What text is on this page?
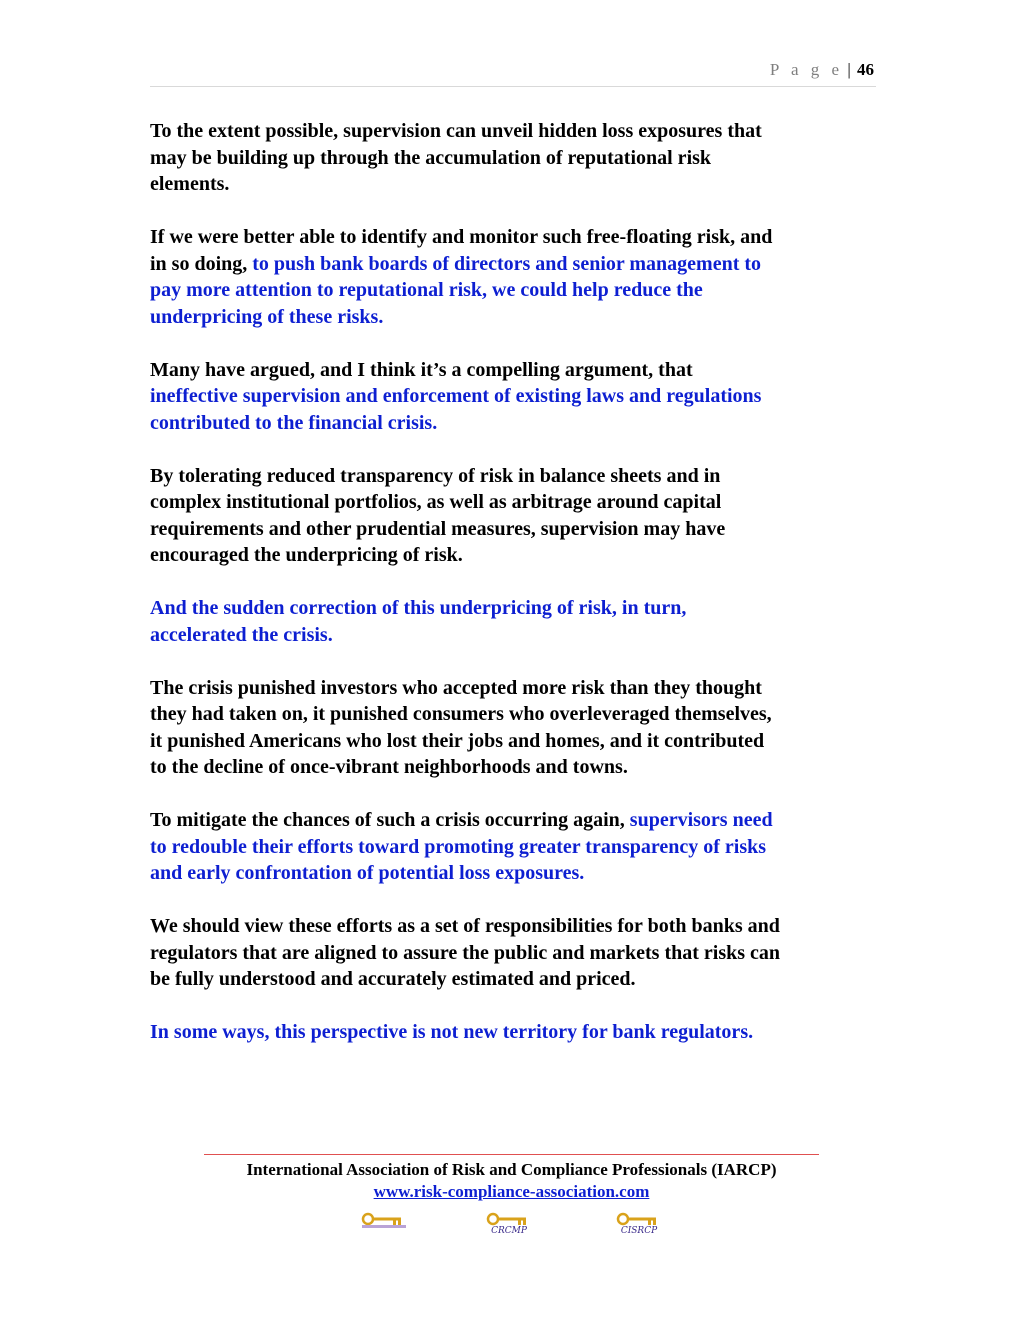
P a g e | 46
To the extent possible, supervision can unveil hidden loss exposures that
may be building up through the accumulation of reputational risk
elements.
If we were better able to identify and monitor such free-floating risk, and
in so doing, to push bank boards of directors and senior management to
pay more attention to reputational risk, we could help reduce the
underpricing of these risks.
Many have argued, and I think it’s a compelling argument, that
ineffective supervision and enforcement of existing laws and regulations
contributed to the financial crisis.
By tolerating reduced transparency of risk in balance sheets and in
complex institutional portfolios, as well as arbitrage around capital
requirements and other prudential measures, supervision may have
encouraged the underpricing of risk.
And the sudden correction of this underpricing of risk, in turn,
accelerated the crisis.
The crisis punished investors who accepted more risk than they thought
they had taken on, it punished consumers who overleveraged themselves,
it punished Americans who lost their jobs and homes, and it contributed
to the decline of once-vibrant neighborhoods and towns.
To mitigate the chances of such a crisis occurring again, supervisors need
to redouble their efforts toward promoting greater transparency of risks
and early confrontation of potential loss exposures.
We should view these efforts as a set of responsibilities for both banks and
regulators that are aligned to assure the public and markets that risks can
be fully understood and accurately estimated and priced.
In some ways, this perspective is not new territory for bank regulators.
International Association of Risk and Compliance Professionals (IARCP)
www.risk-compliance-association.com
CRCMP	CISRCP
